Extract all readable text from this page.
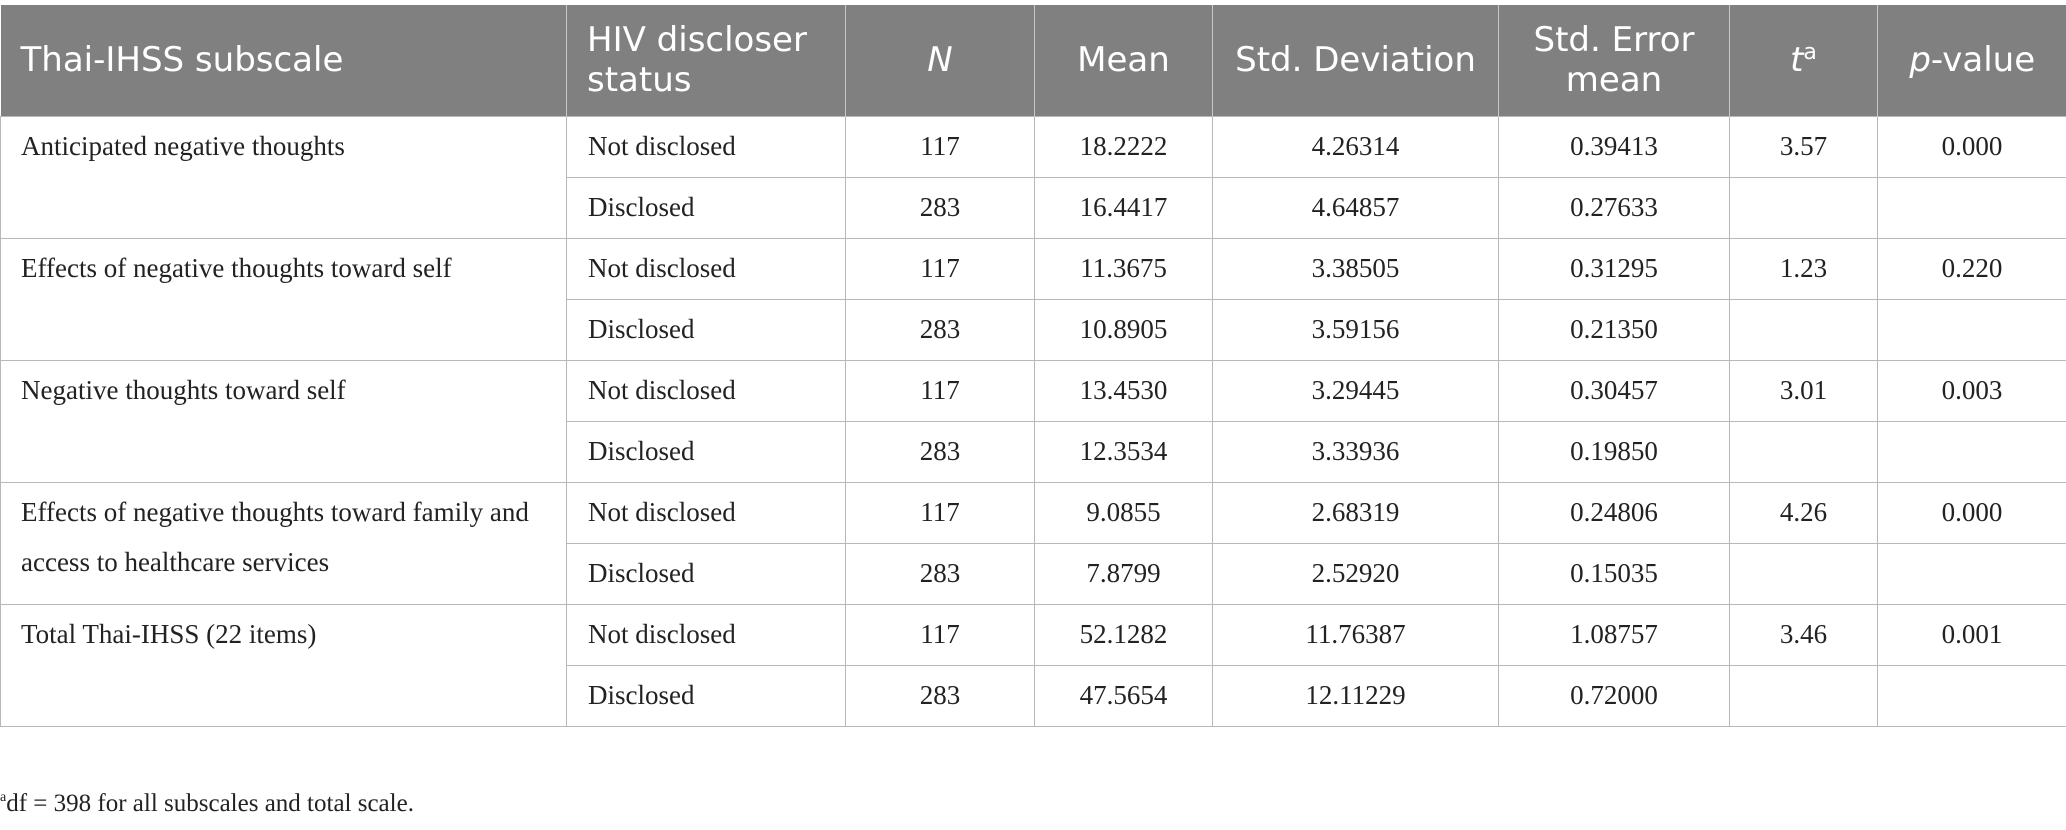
Thai-IHSS subscale	HIV discloser status	N	Mean	Std. Deviation	Std. Error mean	$t^a$	p-value

Anticipated negative thoughts	Not disclosed	117	18.2222	4.26314	0.39413	3.57	0.000
	Disclosed	283	16.4417	4.64857	0.27633		

Effects of negative thoughts toward self	Not disclosed	117	11.3675	3.38505	0.31295	1.23	0.220
	Disclosed	283	10.8905	3.59156	0.21350		

Negative thoughts toward self	Not disclosed	117	13.4530	3.29445	0.30457	3.01	0.003
	Disclosed	283	12.3534	3.33936	0.19850		

Effects of negative thoughts toward family and access to healthcare services	Not disclosed	117	9.0855	2.68319	0.24806	4.26	0.000
	Disclosed	283	7.8799	2.52920	0.15035		

Total Thai-IHSS (22 items)	Not disclosed	117	52.1282	11.76387	1.08757	3.46	0.001
	Disclosed	283	47.5654	12.11229	0.72000		
$^a$df = 398 for all subscales and total scale.
